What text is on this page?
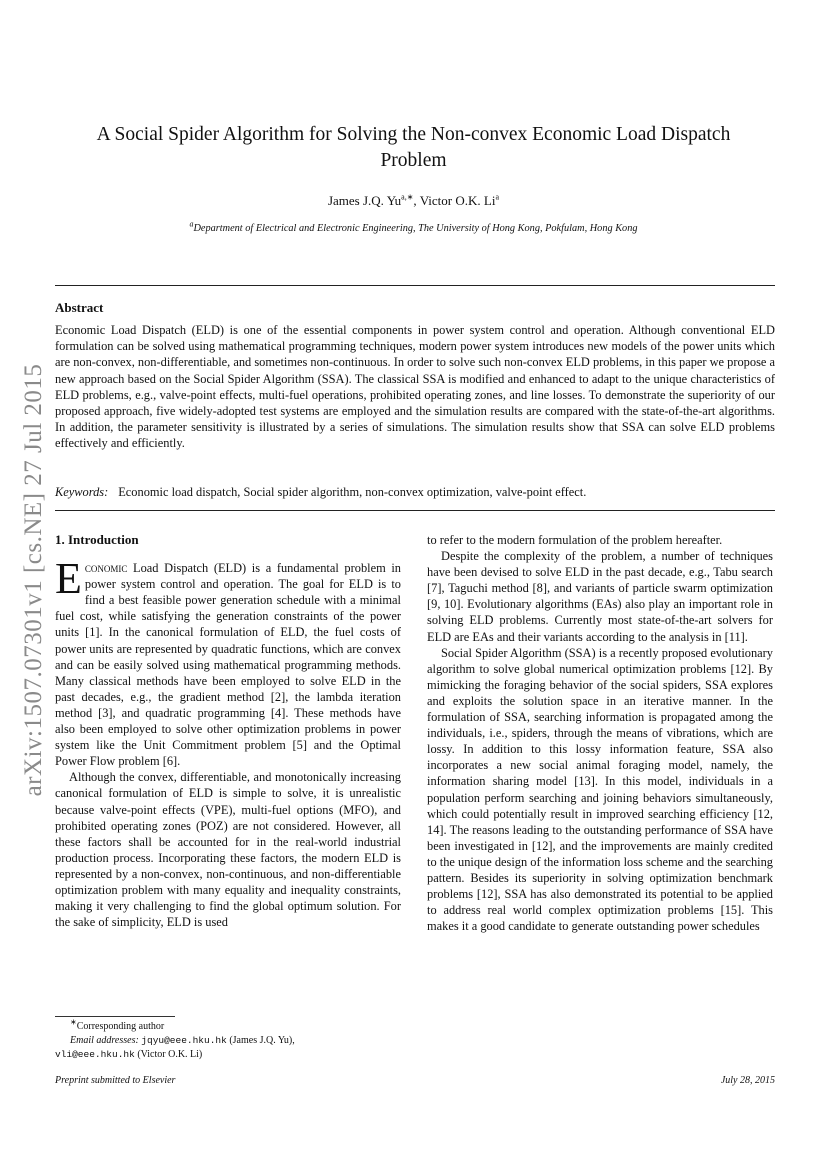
arXiv:1507.07301v1 [cs.NE] 27 Jul 2015
A Social Spider Algorithm for Solving the Non-convex Economic Load Dispatch
Problem
James J.Q. $Yu^{a,∗}$, Victor O.K. Li$^a$
$^a$Department of Electrical and Electronic Engineering, The University of Hong Kong, Pokfulam, Hong Kong
Abstract
Economic Load Dispatch (ELD) is one of the essential components in power system control and operation. Although conventional ELD formulation can be solved using mathematical programming techniques, modern power system introduces new models of the power units which are non-convex, non-differentiable, and sometimes non-continuous. In order to solve such non-convex ELD problems, in this paper we propose a new approach based on the Social Spider Algorithm (SSA). The classical SSA is modified and enhanced to adapt to the unique characteristics of ELD problems, e.g., valve-point effects, multi-fuel operations, prohibited operating zones, and line losses. To demonstrate the superiority of our proposed approach, five widely-adopted test systems are employed and the simulation results are compared with the state-of-the-art algorithms. In addition, the parameter sensitivity is illustrated by a series of simulations. The simulation results show that SSA can solve ELD problems effectively and efficiently.
Keywords: Economic load dispatch, Social spider algorithm, non-convex optimization, valve-point effect.
1. Introduction

Economic Load Dispatch (ELD) is a fundamental problem in power system control and operation. The goal for ELD is to find a best feasible power generation schedule with a minimal fuel cost, while satisfying the generation constraints of the power units [1]. In the canonical formulation of ELD, the fuel costs of power units are represented by quadratic functions, which are convex and can be easily solved using mathematical programming methods. Many classical methods have been employed to solve ELD in the past decades, e.g., the gradient method [2], the lambda iteration method [3], and quadratic programming [4]. These methods have also been employed to solve other optimization problems in power system like the Unit Commitment problem [5] and the Optimal Power Flow problem [6].

Although the convex, differentiable, and monotonically increasing canonical formulation of ELD is simple to solve, it is unrealistic because valve-point effects (VPE), multi-fuel options (MFO), and prohibited operating zones (POZ) are not considered. However, all these factors shall be accounted for in the real-world industrial production process. Incorporating these factors, the modern ELD is represented by a non-convex, non-continuous, and non-differentiable optimization problem with many equality and inequality constraints, making it very challenging to find the global optimum solution. For the sake of simplicity, ELD is used

to refer to the modern formulation of the problem hereafter.

Despite the complexity of the problem, a number of techniques have been devised to solve ELD in the past decade, e.g., Tabu search [7], Taguchi method [8], and variants of particle swarm optimization [9, 10]. Evolutionary algorithms (EAs) also play an important role in solving ELD problems. Currently most state-of-the-art solvers for ELD are EAs and their variants according to the analysis in [11].

Social Spider Algorithm (SSA) is a recently proposed evolutionary algorithm to solve global numerical optimization problems [12]. By mimicking the foraging behavior of the social spiders, SSA explores and exploits the solution space in an iterative manner. In the formulation of SSA, searching information is propagated among the individuals, i.e., spiders, through the means of vibrations, which are lossy. In addition to this lossy information feature, SSA also incorporates a new social animal foraging model, namely, the information sharing model [13]. In this model, individuals in a population perform searching and joining behaviors simultaneously, which could potentially result in improved searching efficiency [12, 14]. The reasons leading to the outstanding performance of SSA have been investigated in [12], and the improvements are mainly credited to the unique design of the information loss scheme and the searching pattern. Besides its superiority in solving optimization benchmark problems [12], SSA has also demonstrated its potential to be applied to address real world complex optimization problems [15]. This makes it a good candidate to generate outstanding power schedules

∗Corresponding author
Email addresses: jqyu@eee.hku.hk (James J.Q. Yu),
vli@eee.hku.hk (Victor O.K. Li)
Preprint submitted to Elsevier	July 28, 2015
